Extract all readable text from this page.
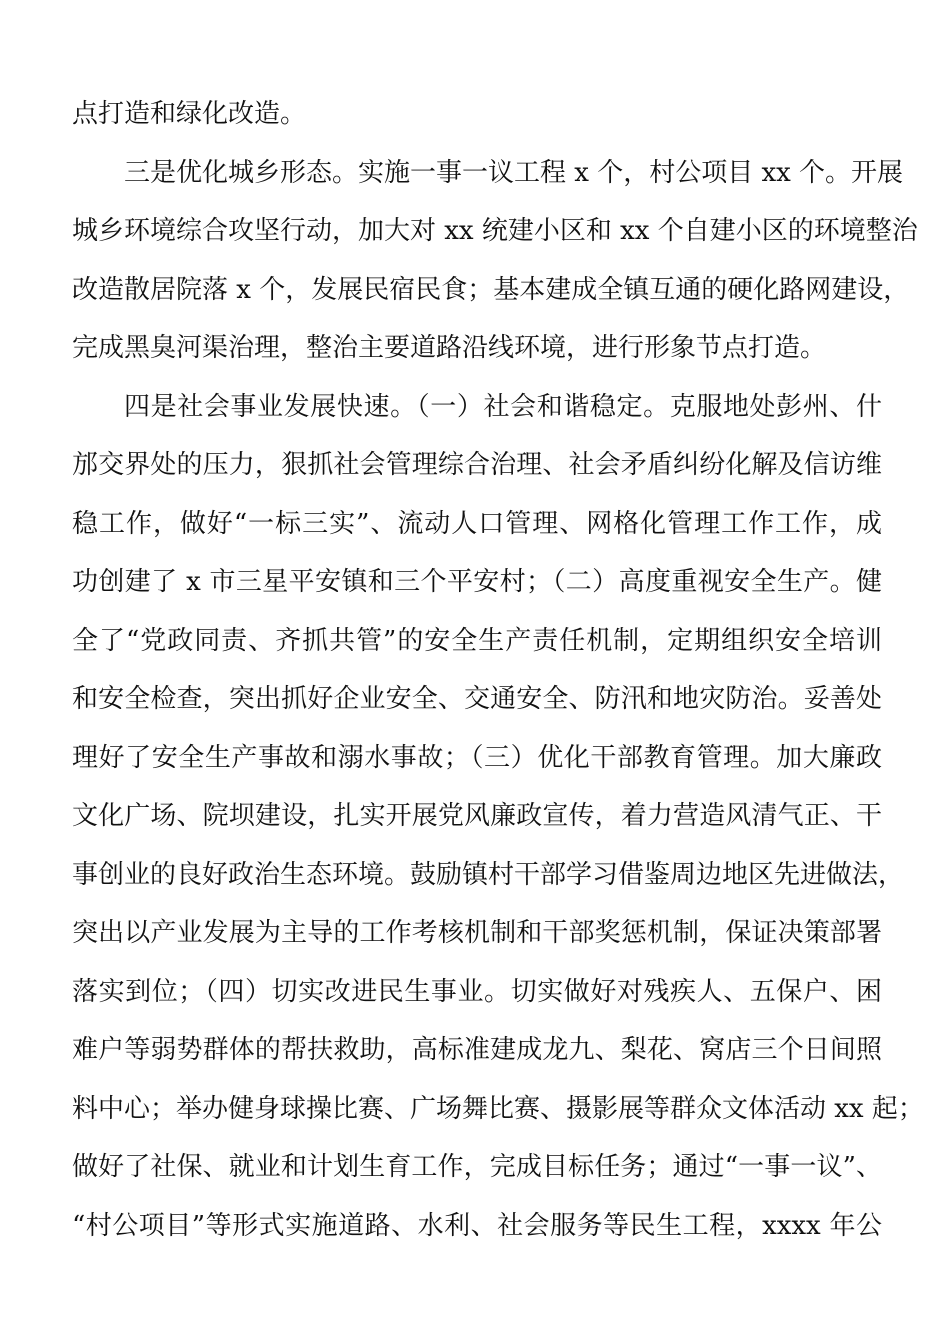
点打造和绿化改造。
三是优化城乡形态。实施一事一议工程 x 个，村公项目 xx 个。开展
城乡环境综合攻坚行动，加大对 xx 统建小区和 xx 个自建小区的环境整治
改造散居院落 x 个，发展民宿民食；基本建成全镇互通的硬化路网建设，
完成黑臭河渠治理，整治主要道路沿线环境，进行形象节点打造。
四是社会事业发展快速。（一）社会和谐稳定。克服地处彭州、什
邡交界处的压力，狠抓社会管理综合治理、社会矛盾纠纷化解及信访维
稳工作，做好“一标三实”、流动人口管理、网格化管理工作工作，成
功创建了 x 市三星平安镇和三个平安村；（二）高度重视安全生产。健
全了“党政同责、齐抓共管”的安全生产责任机制，定期组织安全培训
和安全检查，突出抓好企业安全、交通安全、防汛和地灾防治。妥善处
理好了安全生产事故和溺水事故；（三）优化干部教育管理。加大廉政
文化广场、院坝建设，扎实开展党风廉政宣传，着力营造风清气正、干
事创业的良好政治生态环境。鼓励镇村干部学习借鉴周边地区先进做法，
突出以产业发展为主导的工作考核机制和干部奖惩机制，保证决策部署
落实到位；（四）切实改进民生事业。切实做好对残疾人、五保户、困
难户等弱势群体的帮扶救助，高标准建成龙九、梨花、窝店三个日间照
料中心；举办健身球操比赛、广场舞比赛、摄影展等群众文体活动 xx 起；
做好了社保、就业和计划生育工作，完成目标任务；通过“一事一议”、
“村公项目”等形式实施道路、水利、社会服务等民生工程，xxxx 年公
